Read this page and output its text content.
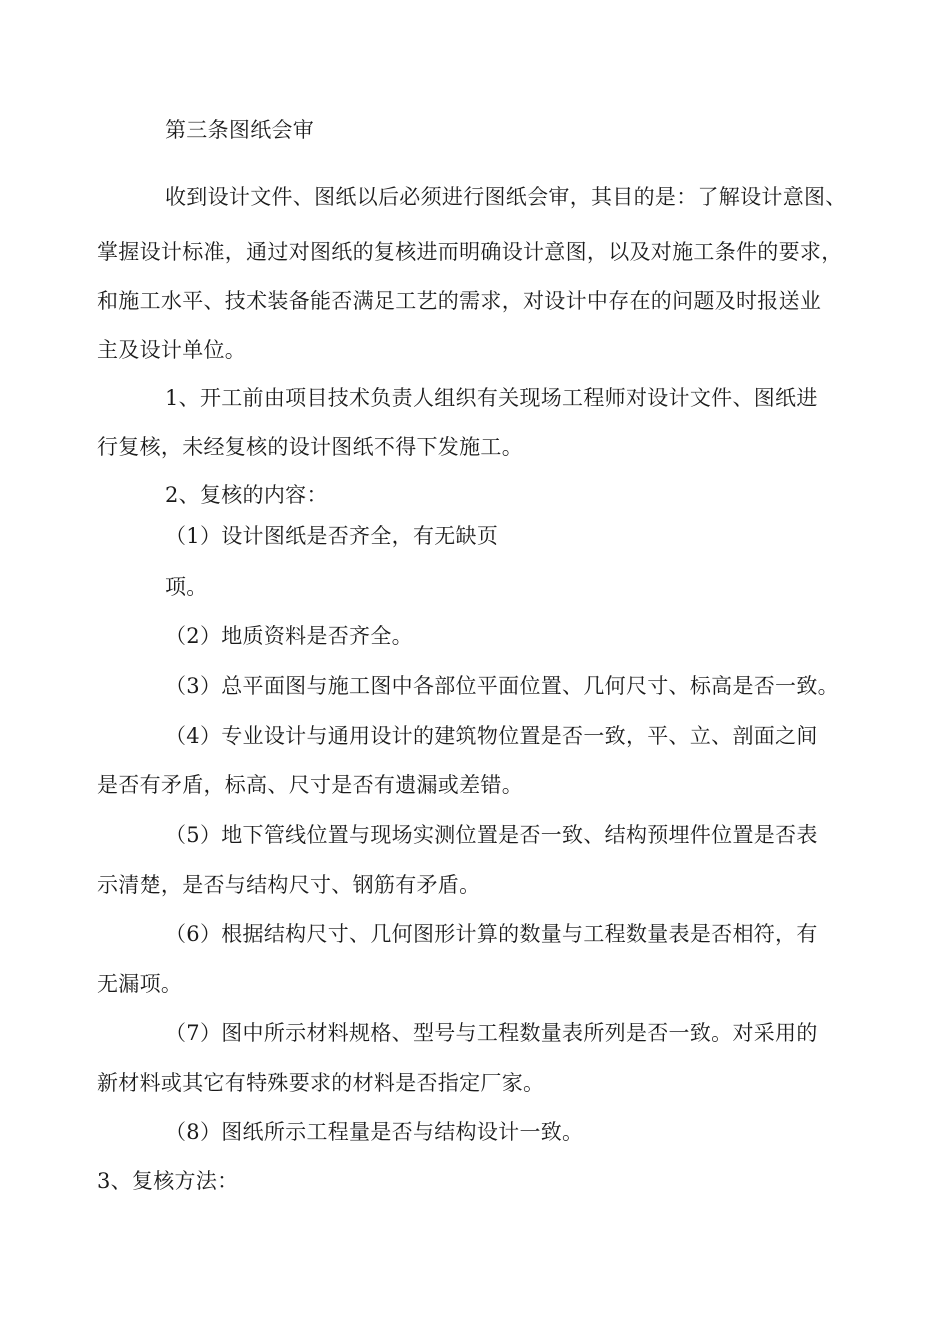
第三条图纸会审
收到设计文件、图纸以后必须进行图纸会审，其目的是：了解设计意图、
掌握设计标准，通过对图纸的复核进而明确设计意图，以及对施工条件的要求，
和施工水平、技术装备能否满足工艺的需求，对设计中存在的问题及时报送业
主及设计单位。
1、开工前由项目技术负责人组织有关现场工程师对设计文件、图纸进
行复核，未经复核的设计图纸不得下发施工。
2、复核的内容：
（1）设计图纸是否齐全，有无缺页
项。
（2）地质资料是否齐全。
（3）总平面图与施工图中各部位平面位置、几何尺寸、标高是否一致。
（4）专业设计与通用设计的建筑物位置是否一致，平、立、剖面之间
是否有矛盾，标高、尺寸是否有遗漏或差错。
（5）地下管线位置与现场实测位置是否一致、结构预埋件位置是否表
示清楚，是否与结构尺寸、钢筋有矛盾。
（6）根据结构尺寸、几何图形计算的数量与工程数量表是否相符，有
无漏项。
（7）图中所示材料规格、型号与工程数量表所列是否一致。对采用的
新材料或其它有特殊要求的材料是否指定厂家。
（8）图纸所示工程量是否与结构设计一致。
3、复核方法：
